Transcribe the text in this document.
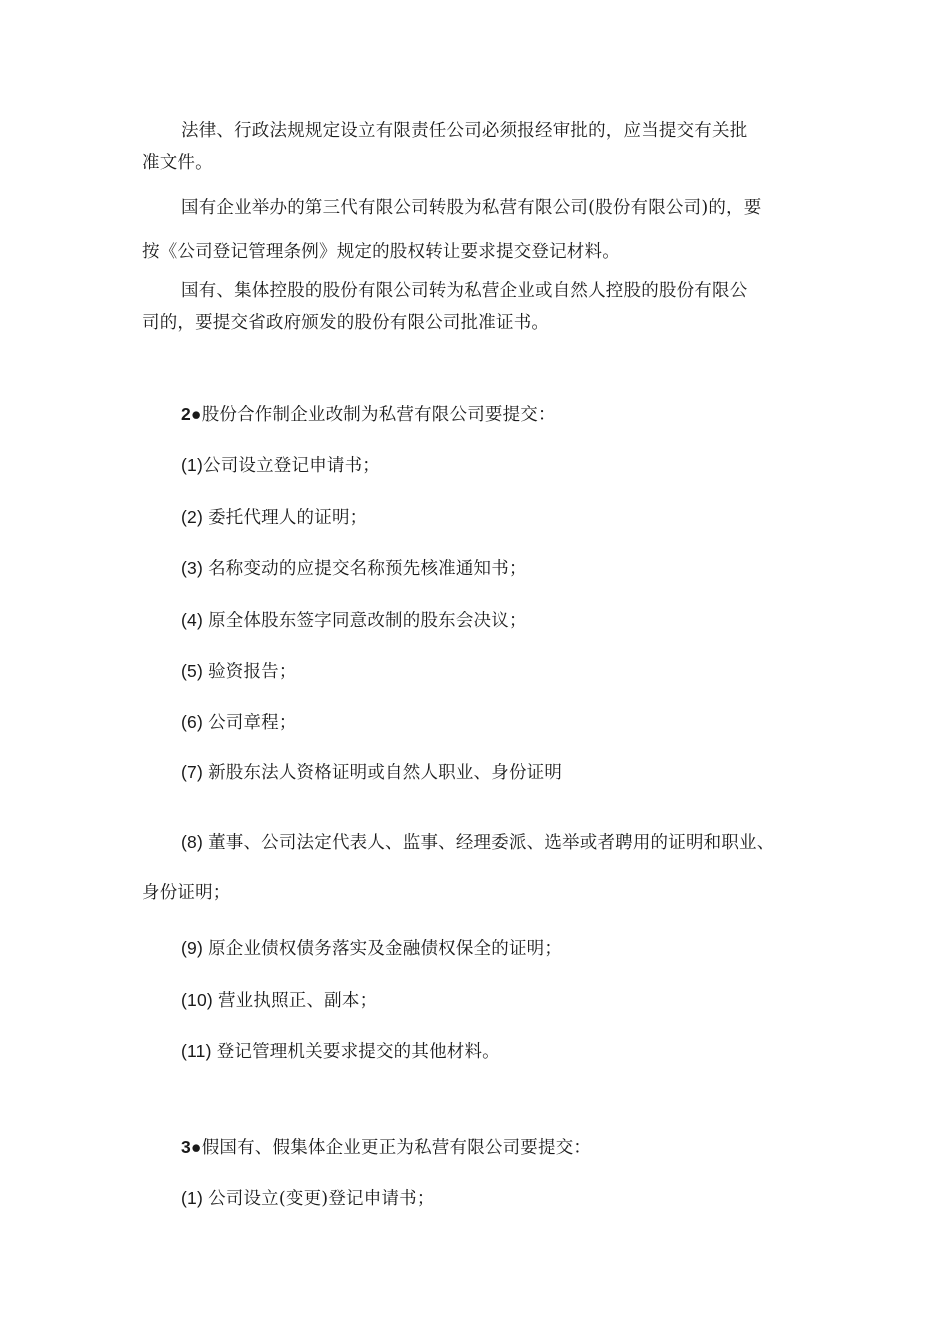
法律、行政法规规定设立有限责任公司必须报经审批的，应当提交有关批
准文件。
国有企业举办的第三代有限公司转股为私营有限公司(股份有限公司)的，要
按《公司登记管理条例》规定的股权转让要求提交登记材料。
国有、集体控股的股份有限公司转为私营企业或自然人控股的股份有限公
司的，要提交省政府颁发的股份有限公司批准证书。
2●股份合作制企业改制为私营有限公司要提交：
(1)公司设立登记申请书；
(2) 委托代理人的证明；
(3) 名称变动的应提交名称预先核准通知书；
(4) 原全体股东签字同意改制的股东会决议；
(5) 验资报告；
(6) 公司章程；
(7) 新股东法人资格证明或自然人职业、身份证明
(8) 董事、公司法定代表人、监事、经理委派、选举或者聘用的证明和职业、
身份证明；
(9) 原企业债权债务落实及金融债权保全的证明；
(10) 营业执照正、副本；
(11) 登记管理机关要求提交的其他材料。
3●假国有、假集体企业更正为私营有限公司要提交：
(1) 公司设立(变更)登记申请书；
